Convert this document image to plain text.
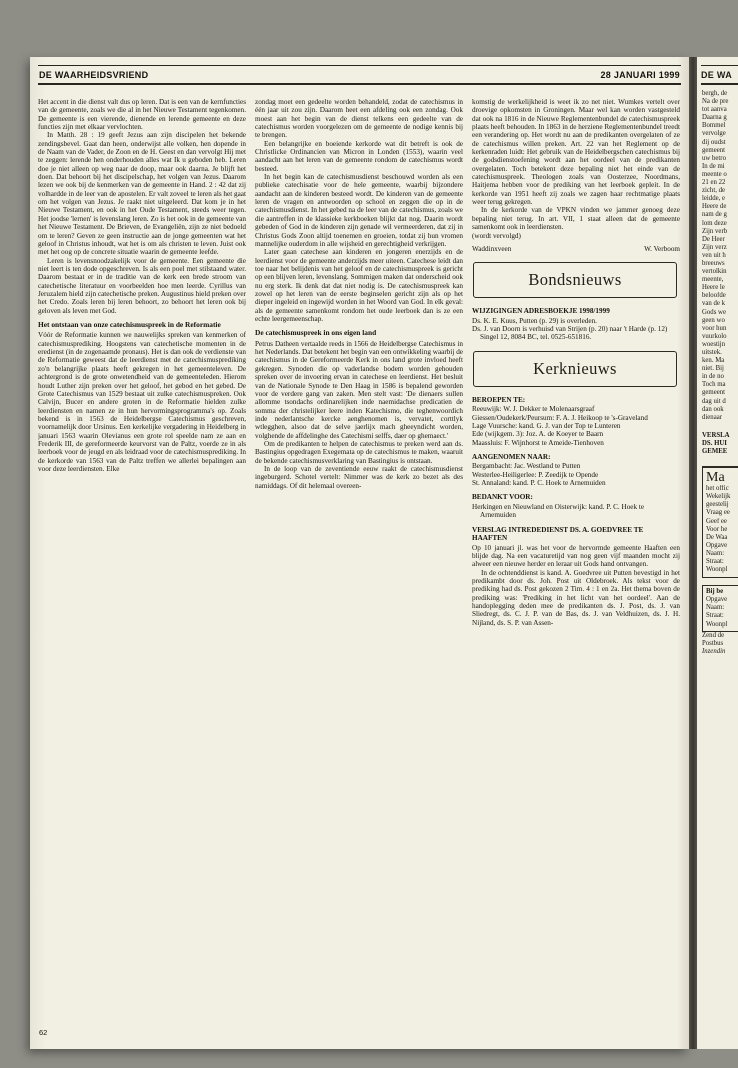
DE WAARHEIDSVRIEND	28 JANUARI 1999
Het accent in die dienst valt dus op leren. Dat is een van de kernfuncties van de gemeente, zoals we die al in het Nieuwe Testament tegenkomen. De gemeente is een vierende, dienende en lerende gemeente en deze functies zijn met elkaar vervlochten.
In Matth. 28 : 19 geeft Jezus aan zijn discipelen het bekende zendingsbevel. Gaat dan heen, onderwijst alle volken, hen dopende in de Naam van de Vader, de Zoon en de H. Geest en dan vervolgt Hij met te zeggen: lerende hen onderhouden alles wat Ik u geboden heb. Leren doe je niet alleen op weg naar de doop, maar ook daarna. Je blijft het doen. Dat behoort bij het discipelschap, het volgen van Jezus. Daarom lezen we ook bij de kenmerken van de gemeente in Hand. 2 : 42 dat zij volhardde in de leer van de apostelen. Er valt zoveel te leren als het gaat om het volgen van Jezus. Je raakt niet uitgeleerd. Dat kom je in het Nieuwe Testament, en ook in het Oude Testament, steeds weer tegen. Het joodse 'lernen' is levenslang leren. Zo is het ook in de gemeente van het Nieuwe Testament. De Brieven, de Evangeliën, zijn ze niet bedoeld om te leren? Geven ze geen instructie aan de jonge gemeenten wat het geloof in Christus inhoudt, wat het is om als christen te leven. Juist ook met het oog op de concrete situatie waarin de gemeente leefde.
Leren is levensnoodzakelijk voor de gemeente. Een gemeente die niet leert is ten dode opgeschreven. Is als een poel met stilstaand water. Daarom bestaat er in de traditie van de kerk een brede stroom van catechetische literatuur en voorbeelden hoe men leerde. Cyrillus van Jeruzalem hield zijn catechetische preken. Augustinus hield preken over het Credo. Zoals leren bij leren behoort, zo behoort het leren ook bij geloven als leven met God.
Het ontstaan van onze catechismuspreek in de Reformatie
Vóór de Reformatie kunnen we nauwelijks spreken van kenmerken of catechismusprediking. Hoogstens van catechetische momenten in de eredienst (in de zogenaamde pronaus). Het is dan ook de verdienste van de Reformatie geweest dat de leerdienst met de catechismusprediking zo'n belangrijke plaats heeft gekregen in het gemeenteleven. De achtergrond is de grote onwetendheid van de gemeenteleden. Hierom houdt Luther zijn preken over het geloof, het gebod en het gebed. De Grote Catechismus van 1529 bestaat uit zulke catechismuspreken. Ook Calvijn, Bucer en andere groten in de Reformatie hielden zulke leerdiensten en namen ze in hun hervormingsprogramma's op. Zoals bekend is in 1563 de Heidelbergse Catechismus geschreven, voornamelijk door Ursinus. Een kerkelijke vergadering in Heidelberg in januari 1563 waarin Olevianus een grote rol speelde nam ze aan en Frederik III, de gereformeerde keurvorst van de Paltz, voerde ze in als leerboek voor de jeugd en als leidraad voor de catechismusprediking. In de kerkorde van 1563 van de Paltz treffen we allerlei bepalingen aan voor deze leerdiensten. Elke
zondag moet een gedeelte worden behandeld, zodat de catechismus in één jaar uit zou zijn. Daarom heet een afdeling ook een zondag. Ook moest aan het begin van de dienst telkens een gedeelte van de catechismus worden voorgelezen om de gemeente de nodige kennis bij te brengen.
Een belangrijke en boeiende kerkorde wat dit betreft is ook de Christlicke Ordinancien van Micron in Londen (1553), waarin veel aandacht aan het leren van de gemeente rondom de catechismus wordt besteed.
In het begin kan de catechismusdienst beschouwd worden als een publieke catechisatie voor de hele gemeente, waarbij bijzondere aandacht aan de kinderen besteed wordt. De kinderen van de gemeente leren de vragen en antwoorden op school en zeggen die op in de catechismusdienst. In het gebed na de leer van de catechismus, zoals we die aantreffen in de klassieke kerkboeken blijkt dat nog. Daarin wordt gebeden of God in de kinderen zijn genade wil vermeerderen, dat zij in Christus Gods Zoon altijd toenemen en groeien, totdat zij hun vromen mannelijke ouderdom in alle wijsheid en gerechtigheid verkrijgen.
Later gaan catechese aan kinderen en jongeren enerzijds en de leerdienst voor de gemeente anderzijds meer uiteen. Catechese leidt dan toe naar het belijdenis van het geloof en de catechismuspreek is gericht op een blijven leren, levenslang. Sommigen maken dat onderscheid ook nu erg sterk. Ik denk dat dat niet nodig is. De catechismuspreek kan zowel op het leren van de eerste beginselen gericht zijn als op het dieper ingeleid en ingewijd worden in het Woord van God. In elk geval: als de gemeente samenkomt rondom het oude leerboek dan is ze een echte leergemeenschap.
De catechismuspreek in ons eigen land
Petrus Datheen vertaalde reeds in 1566 de Heidelbergse Catechismus in het Nederlands. Dat betekent het begin van een ontwikkeling waarbij de catechismus in de Gereformeerde Kerk in ons land grote invloed heeft gekregen. Synoden die op vaderlandse bodem worden gehouden spreken over de invoering ervan in catechese en leerdienst. Het besluit van de Nationale Synode te Den Haag in 1586 is bepalend geworden voor de verdere gang van zaken. Men stelt vast: 'De dienaers sullen allomme tsondachs ordinarelijken inde naemidachse predicatien de somma der christelijker leere inden Katechismo, die teghenwoordich inde nederlantsche kercke aenghenomen is, vervatet, corttlyk wtlegghen, alsoo dat de selve jaerlijx mach gheeyndicht worden, volghende de affdelinghe des Catechismi selffs, daer op ghemaect.'
Om de predikanten te helpen de catechismus te preken werd aan ds. Bastingius opgedragen Exegemata op de catechismus te maken, waaruit de bekende catechismusverklaring van Bastingius is ontstaan.
In de loop van de zeventiende eeuw raakt de catechismusdienst ingeburgerd. Schotel vertelt: Nimmer was de kerk zo bezet als des namiddags. Of dit helemaal overeen-
komstig de werkelijkheid is weet ik zo net niet. Wumkes vertelt over droevige opkomsten in Groningen. Maar wel kan worden vastgesteld dat ook na 1816 in de Nieuwe Reglementenbundel de catechismuspreek plaats heeft behouden. In 1863 in de herziene Reglementenbundel treedt een verandering op. Het wordt nu aan de predikanten overgelaten of ze de catechismus willen preken. Art. 22 van het Reglement op de kerkenraden luidt: Het gebruik van de Heidelbergschen catechismus bij de godsdienstoefening wordt aan het oordeel van de predikanten overgelaten. Toch betekent deze bepaling niet het einde van de catechismuspreek. Theologen zoals van Oosterzee, Noordmans, Haitjema hebben voor de prediking van het leerboek gepleit. In de kerkorde van 1951 heeft zij zoals we zagen haar rechtmatige plaats weer terug gekregen.
In de kerkorde van de VPKN vinden we jammer genoeg deze bepaling niet terug. In art. VII, 1 staat alleen dat de gemeente samenkomt ook in leerdiensten.
(wordt vervolgd)
Waddinxveen	W. Verboom
Bondsnieuws
WIJZIGINGEN ADRESBOEKJE 1998/1999
Ds. K. E. Kuus, Putten (p. 29) is overleden.
Ds. J. van Doorn is verhuisd van Strijen (p. 20) naar 't Harde (p. 12) Singel 12, 8084 BC, tel. 0525-651816.
Kerknieuws
BEROEPEN TE:
Reeuwijk: W. J. Dekker te Molenaarsgraaf
Giessen/Oudekerk/Peursum: F. A. J. Heikoop te 's-Graveland
Lage Vuursche: kand. G. J. van der Top te Lunteren
Ede (wijkgem. 3): Joz. A. de Koeyer te Baarn
Maassluis: F. Wijnhorst te Ameide-Tienhoven
AANGENOMEN NAAR:
Bergambacht: Jac. Westland te Putten
Westerlee-Heiligerlee: P. Zeedijk te Opende
St. Annaland: kand. P. C. Hoek te Arnemuiden
BEDANKT VOOR:
Herkingen en Nieuwland en Oisterwijk: kand. P. C. Hoek te Arnemuiden
VERSLAG INTREDEDIENST DS. A. GOEDVREE TE HAAFTEN
Op 10 januari jl. was het voor de hervormde gemeente Haaften een blijde dag. Na een vacaturetijd van nog geen vijf maanden mocht zij alweer een nieuwe herder en leraar uit Gods hand ontvangen.
In de ochtenddienst is kand. A. Goedvree uit Putten bevestigd in het predikambt door ds. Joh. Post uit Oldebroek. Als tekst voor de prediking had ds. Post gekozen 2 Tim. 4 : 1 en 2a. Het thema boven de prediking was: 'Prediking in het licht van het oordeel'. Aan de handoplegging deden mee de predikanten ds. J. Post, ds. J. van Sliedregt, ds. C. J. P. van de Bas, ds. J. van Veldhuizen, ds. J. H. Nijland, ds. S. P. van Assen-
62
DE WA
bergh, de
Na de pre
tot aanva
Daarna g
Bommel
vervolge
dij oudst
gemeent
uw betro
In de mi
meente o
21 en 22
zicht, de
leidde, e
Heere de
nam de g
lom deze
Zijn verb
De Heer
Zijn verz
ven uit h
breeuws
vertolkin
meente,
Heere le
beloofde
van de k
Gods we
geen wo
voor hun
vuurkolo
woestijn
uitstek.
ken. Ma
niet. Bij
in de no
Toch ma
gemeent
dag uit d
dan ook
dienaar
VERSLA
DS. HUI
GEMEE
Ma
het offic
Wekelijk
geestelij
Vraag ee
Geef ee
Voor he
De Waa
Opgave
Naam:
Straat:
Woonpl
Bij be
Opgave
Naam:
Straat:
Woonpl
Zend de
Postbus
Inzendin
